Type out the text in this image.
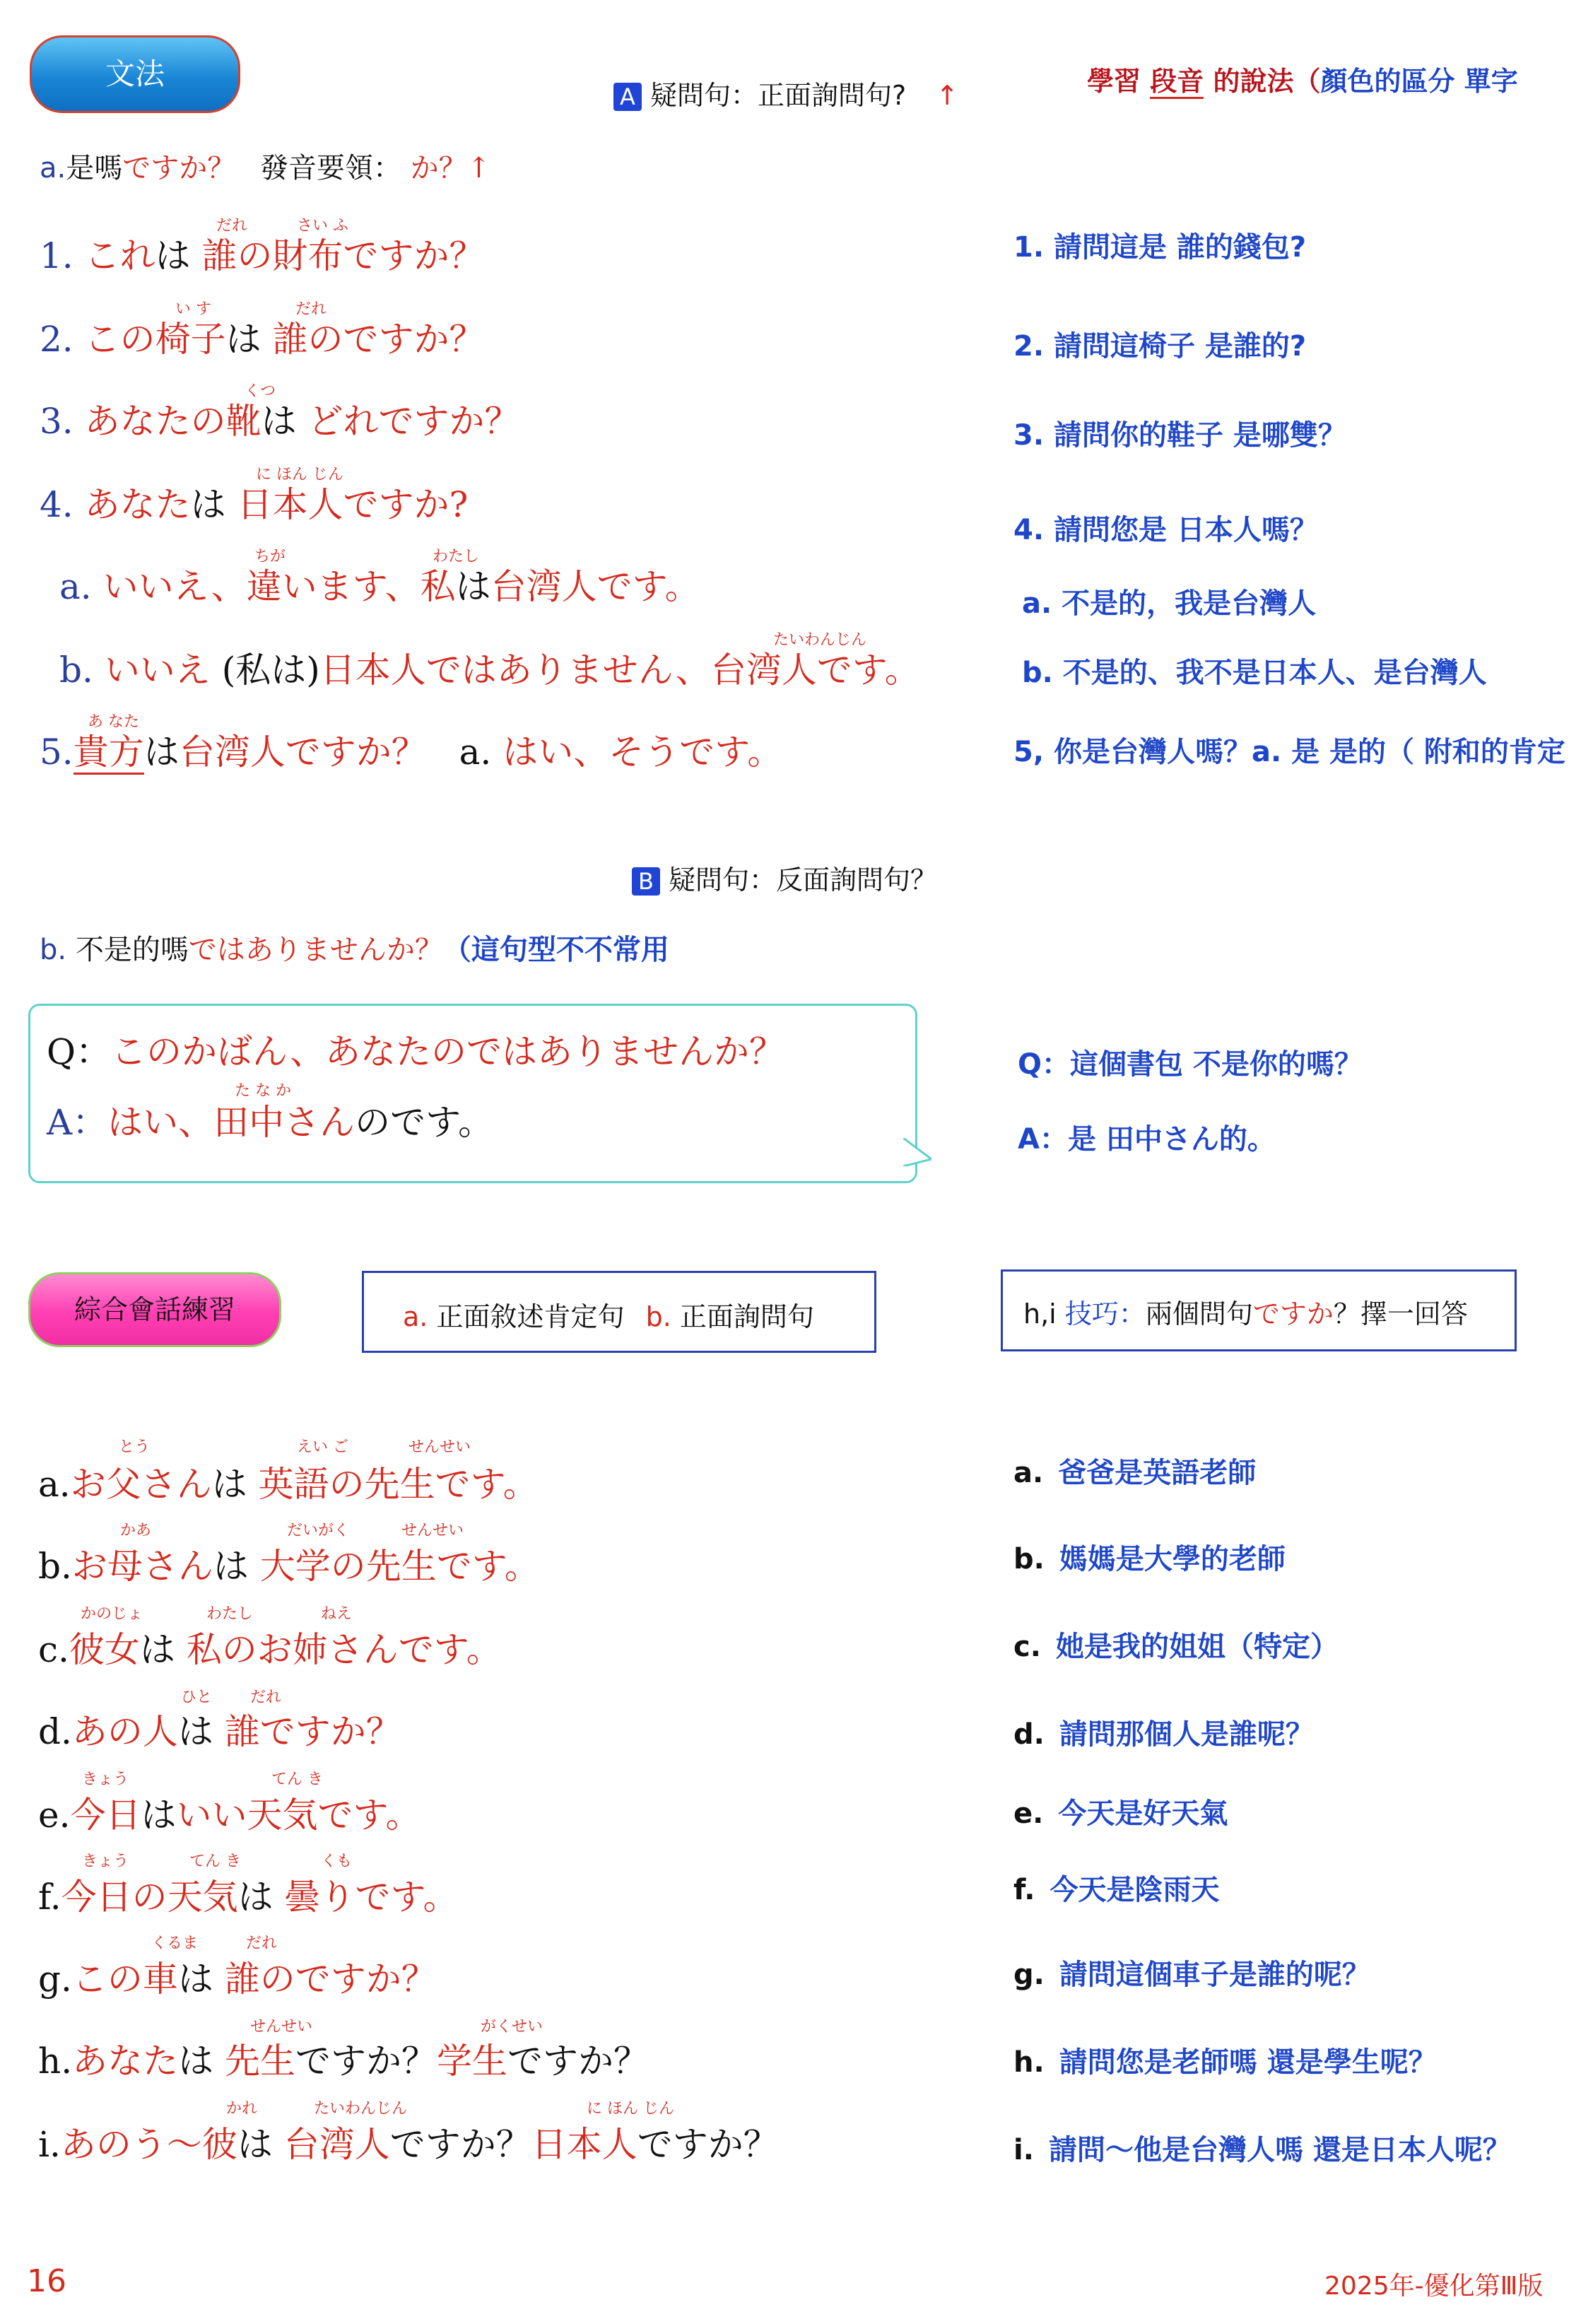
文法
A 疑問句：正面詢問句? ↑	學習 段音 的說法（顏色的區分 單字
a.是嗎ですか？ 發音要領： か？↑
1. これは 誰の財布ですか？
だれ	さい ふ
2. この椅子は 誰のですか？
い す	だれ
3. あなたの靴は どれですか？
くつ
4. あなたは 日本人ですか?
に ほん じん
a. いいえ、違います、私は台湾人です。
ちが	わたし
b. いいえ (私は)日本人ではありません、台湾人です。
たいわんじん
5.貴方は台湾人ですか？ a. はい、そうです。
あ なた
1. 請問這是 誰的錢包?
2. 請問這椅子 是誰的?
3. 請問你的鞋子 是哪雙？
4. 請問您是 日本人嗎？
a. 不是的，我是台灣人
b. 不是的、我不是日本人、是台灣人
5, 你是台灣人嗎？a. 是 是的（ 附和的肯定
B 疑問句：反面詢問句？
b. 不是的嗎ではありませんか？（這句型不不常用
Q：このかばん、あなたのではありませんか？
A：はい、田中さんのです。
た な か
Q：這個書包 不是你的嗎？
A：是 田中さん的。
綜合會話練習	a. 正面敘述肯定句 b. 正面詢問句	h,i 技巧：兩個問句ですか？擇一回答
a.お父さんは 英語の先生です。
とう	えい ご	せんせい
b.お母さんは 大学の先生です。
かあ	だいがく	せんせい
c.彼女は 私のお姉さんです。
かのじょ	わたし	ねえ
d.あの人は 誰ですか？
ひと だれ
e.今日はいい天気です。
きょう	てん き
f.今日の天気は 曇りです。
きょう	てん き	くも
g.この車は 誰のですか？
くるま	だれ
h.あなたは 先生ですか？学生ですか？
せんせい	がくせい
i.あのう～彼は 台湾人ですか？日本人ですか？
かれ	たいわんじん	に ほん じん
a. 爸爸是英語老師
b. 媽媽是大學的老師
c. 她是我的姐姐（特定）
d. 請問那個人是誰呢？
e. 今天是好天氣
f. 今天是陰雨天
g. 請問這個車子是誰的呢？
h. 請問您是老師嗎 還是學生呢？
i. 請問～他是台灣人嗎 還是日本人呢？
16	2025年-優化第Ⅲ版
